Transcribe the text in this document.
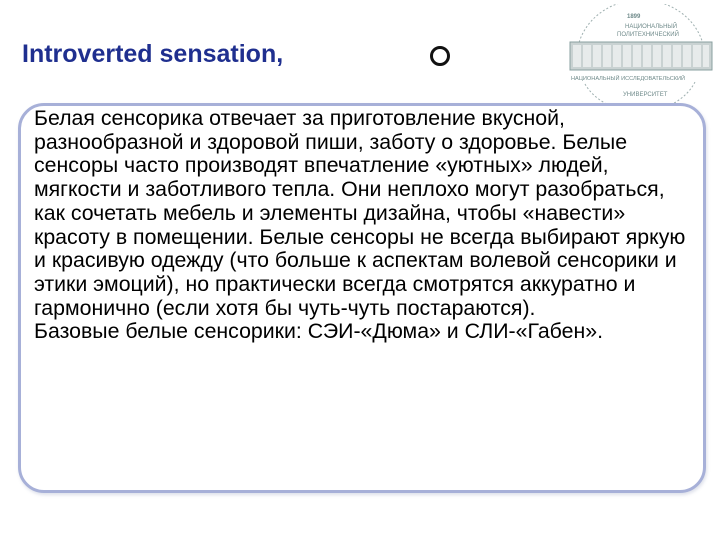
Introverted sensation,
1899
НАЦИОНАЛЬНЫЙ
ПОЛИТЕХНИЧЕСКИЙ
НАЦИОНАЛЬНЫЙ ИССЛЕДОВАТЕЛЬСКИЙ
УНИВЕРСИТЕТ
Белая сенсорика отвечает за приготовление вкусной, разнообразной и здоровой пиши, заботу о здоровье. Белые сенсоры часто производят впечатление «уютных» людей, мягкости и заботливого тепла. Они неплохо могут разобраться, как сочетать мебель и элементы дизайна, чтобы «навести» красоту в помещении. Белые сенсоры не всегда выбирают яркую и красивую одежду (что больше к аспектам волевой сенсорики и этики эмоций), но практически всегда смотрятся аккуратно и гармонично (если хотя бы чуть-чуть постараются).
Базовые белые сенсорики: СЭИ-«Дюма» и СЛИ-«Габен».
